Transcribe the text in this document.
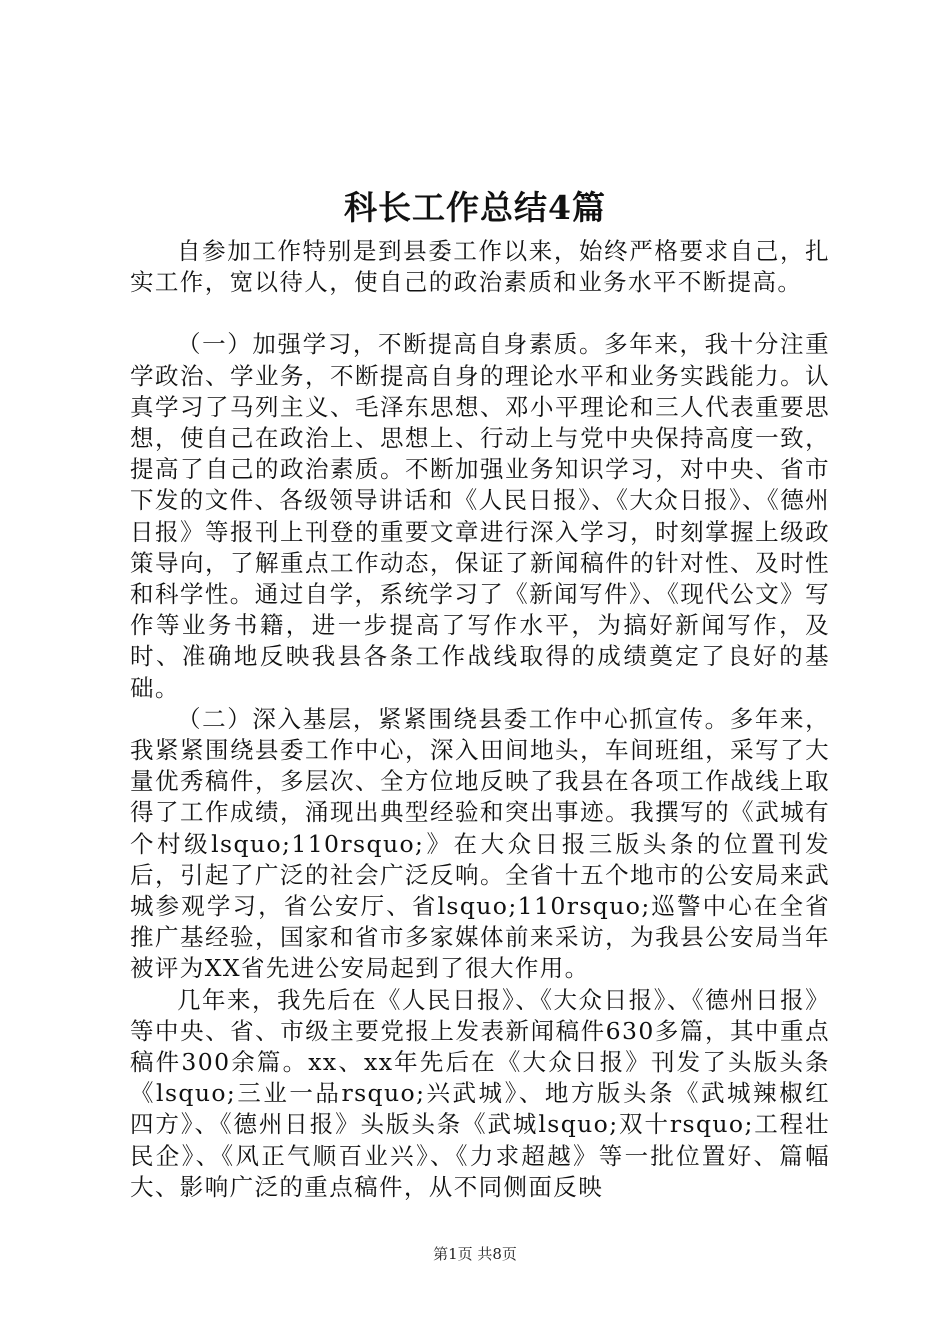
科长工作总结4篇

自参加工作特别是到县委工作以来，始终严格要求自己，扎实工作，宽以待人，使自己的政治素质和业务水平不断提高。

（一）加强学习，不断提高自身素质。多年来，我十分注重学政治、学业务，不断提高自身的理论水平和业务实践能力。认真学习了马列主义、毛泽东思想、邓小平理论和三人代表重要思想，使自己在政治上、思想上、行动上与党中央保持高度一致，提高了自己的政治素质。不断加强业务知识学习，对中央、省市下发的文件、各级领导讲话和《人民日报》、《大众日报》、《德州日报》等报刊上刊登的重要文章进行深入学习，时刻掌握上级政策导向，了解重点工作动态，保证了新闻稿件的针对性、及时性和科学性。通过自学，系统学习了《新闻写件》、《现代公文》写作等业务书籍，进一步提高了写作水平，为搞好新闻写作，及时、准确地反映我县各条工作战线取得的成绩奠定了良好的基础。

（二）深入基层，紧紧围绕县委工作中心抓宣传。多年来，我紧紧围绕县委工作中心，深入田间地头，车间班组，采写了大量优秀稿件，多层次、全方位地反映了我县在各项工作战线上取得了工作成绩，涌现出典型经验和突出事迹。我撰写的《武城有个村级lsquo;110rsquo;》在大众日报三版头条的位置刊发后，引起了广泛的社会广泛反响。全省十五个地市的公安局来武城参观学习，省公安厅、省lsquo;110rsquo;巡警中心在全省推广基经验，国家和省市多家媒体前来采访，为我县公安局当年被评为XX省先进公安局起到了很大作用。

几年来，我先后在《人民日报》、《大众日报》、《德州日报》等中央、省、市级主要党报上发表新闻稿件630多篇，其中重点稿件300余篇。xx、xx年先后在《大众日报》刊发了头版头条《lsquo;三业一品rsquo;兴武城》、地方版头条《武城辣椒红四方》、《德州日报》头版头条《武城lsquo;双十rsquo;工程壮民企》、《风正气顺百业兴》、《力求超越》等一批位置好、篇幅大、影响广泛的重点稿件，从不同侧面反映

第1页 共8页
